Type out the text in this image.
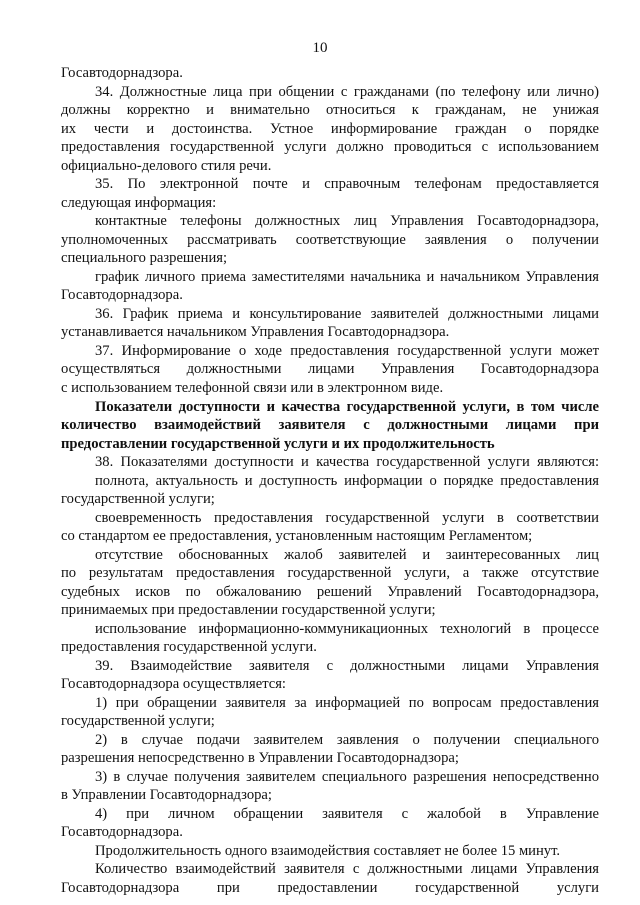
10
Госавтодорнадзора.
34. Должностные лица при общении с гражданами (по телефону или лично)
должны корректно и внимательно относиться к гражданам, не унижая
их чести и достоинства. Устное информирование граждан о порядке
предоставления государственной услуги должно проводиться с использованием
официально-делового стиля речи.
35. По электронной почте и справочным телефонам предоставляется
следующая информация:
контактные телефоны должностных лиц Управления Госавтодорнадзора,
уполномоченных рассматривать соответствующие заявления о получении
специального разрешения;
график личного приема заместителями начальника и начальником Управления
Госавтодорнадзора.
36. График приема и консультирование заявителей должностными лицами
устанавливается начальником Управления Госавтодорнадзора.
37. Информирование о ходе предоставления государственной услуги может
осуществляться должностными лицами Управления Госавтодорнадзора
с использованием телефонной связи или в электронном виде.
Показатели доступности и качества государственной услуги, в том числе
количество взаимодействий заявителя с должностными лицами при
предоставлении государственной услуги и их продолжительность
38. Показателями доступности и качества государственной услуги являются:
полнота, актуальность и доступность информации о порядке предоставления
государственной услуги;
своевременность предоставления государственной услуги в соответствии
со стандартом ее предоставления, установленным настоящим Регламентом;
отсутствие обоснованных жалоб заявителей и заинтересованных лиц
по результатам предоставления государственной услуги, а также отсутствие
судебных исков по обжалованию решений Управлений Госавтодорнадзора,
принимаемых при предоставлении государственной услуги;
использование информационно-коммуникационных технологий в процессе
предоставления государственной услуги.
39. Взаимодействие заявителя с должностными лицами Управления
Госавтодорнадзора осуществляется:
1) при обращении заявителя за информацией по вопросам предоставления
государственной услуги;
2) в случае подачи заявителем заявления о получении специального
разрешения непосредственно в Управлении Госавтодорнадзора;
3) в случае получения заявителем специального разрешения непосредственно
в Управлении Госавтодорнадзора;
4) при личном обращении заявителя с жалобой в Управление
Госавтодорнадзора.
Продолжительность одного взаимодействия составляет не более 15 минут.
Количество взаимодействий заявителя с должностными лицами Управления
Госавтодорнадзора при предоставлении государственной услуги
